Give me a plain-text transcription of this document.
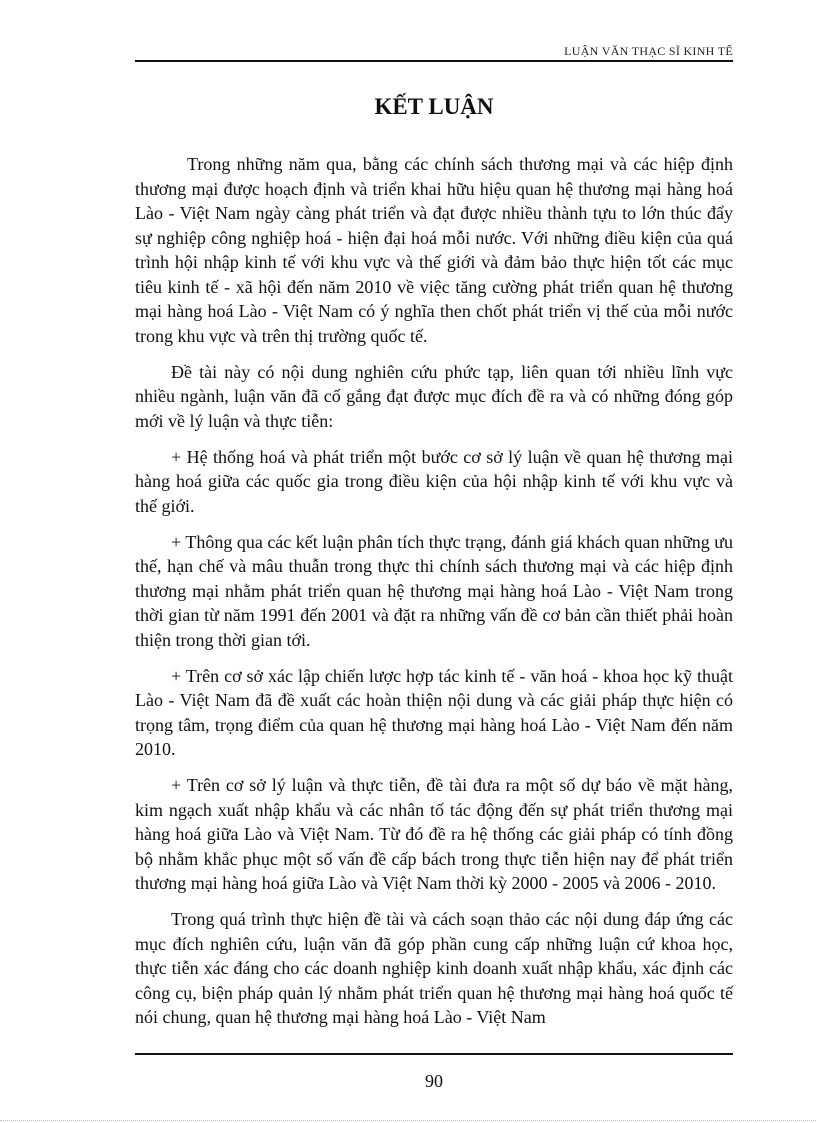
LUẬN VĂN THẠC SĨ KINH TẾ
KẾT LUẬN

Trong những năm qua, bằng các chính sách thương mại và các hiệp định thương mại được hoạch định và triển khai hữu hiệu quan hệ thương mại hàng hoá Lào - Việt Nam ngày càng phát triển và đạt được nhiều thành tựu to lớn thúc đẩy sự nghiệp công nghiệp hoá - hiện đại hoá mỗi nước. Với những điều kiện của quá trình hội nhập kinh tế với khu vực và thế giới và đảm bảo thực hiện tốt các mục tiêu kinh tế - xã hội đến năm 2010 về việc tăng cường phát triển quan hệ thương mại hàng hoá Lào - Việt Nam có ý nghĩa then chốt phát triển vị thế của mỗi nước trong khu vực và trên thị trường quốc tế.

Đề tài này có nội dung nghiên cứu phức tạp, liên quan tới nhiều lĩnh vực nhiều ngành, luận văn đã cố gắng đạt được mục đích đề ra và có những đóng góp mới về lý luận và thực tiễn:

+ Hệ thống hoá và phát triển một bước cơ sở lý luận về quan hệ thương mại hàng hoá giữa các quốc gia trong điều kiện của hội nhập kinh tế với khu vực và thế giới.

+ Thông qua các kết luận phân tích thực trạng, đánh giá khách quan những ưu thế, hạn chế và mâu thuẫn trong thực thi chính sách thương mại và các hiệp định thương mại nhằm phát triển quan hệ thương mại hàng hoá Lào - Việt Nam trong thời gian từ năm 1991 đến 2001 và đặt ra những vấn đề cơ bản cần thiết phải hoàn thiện trong thời gian tới.

+ Trên cơ sở xác lập chiến lược hợp tác kinh tế - văn hoá - khoa học kỹ thuật Lào - Việt Nam đã đề xuất các hoàn thiện nội dung và các giải pháp thực hiện có trọng tâm, trọng điểm của quan hệ thương mại hàng hoá Lào - Việt Nam đến năm 2010.

+ Trên cơ sở lý luận và thực tiễn, đề tài đưa ra một số dự báo về mặt hàng, kim ngạch xuất nhập khẩu và các nhân tố tác động đến sự phát triển thương mại hàng hoá giữa Lào và Việt Nam. Từ đó đề ra hệ thống các giải pháp có tính đồng bộ nhằm khắc phục một số vấn đề cấp bách trong thực tiễn hiện nay để phát triển thương mại hàng hoá giữa Lào và Việt Nam thời kỳ 2000 - 2005 và 2006 - 2010.

Trong quá trình thực hiện đề tài và cách soạn thảo các nội dung đáp ứng các mục đích nghiên cứu, luận văn đã góp phần cung cấp những luận cứ khoa học, thực tiễn xác đáng cho các doanh nghiệp kinh doanh xuất nhập khẩu, xác định các công cụ, biện pháp quản lý nhằm phát triển quan hệ thương mại hàng hoá quốc tế nói chung, quan hệ thương mại hàng hoá Lào - Việt Nam

90
